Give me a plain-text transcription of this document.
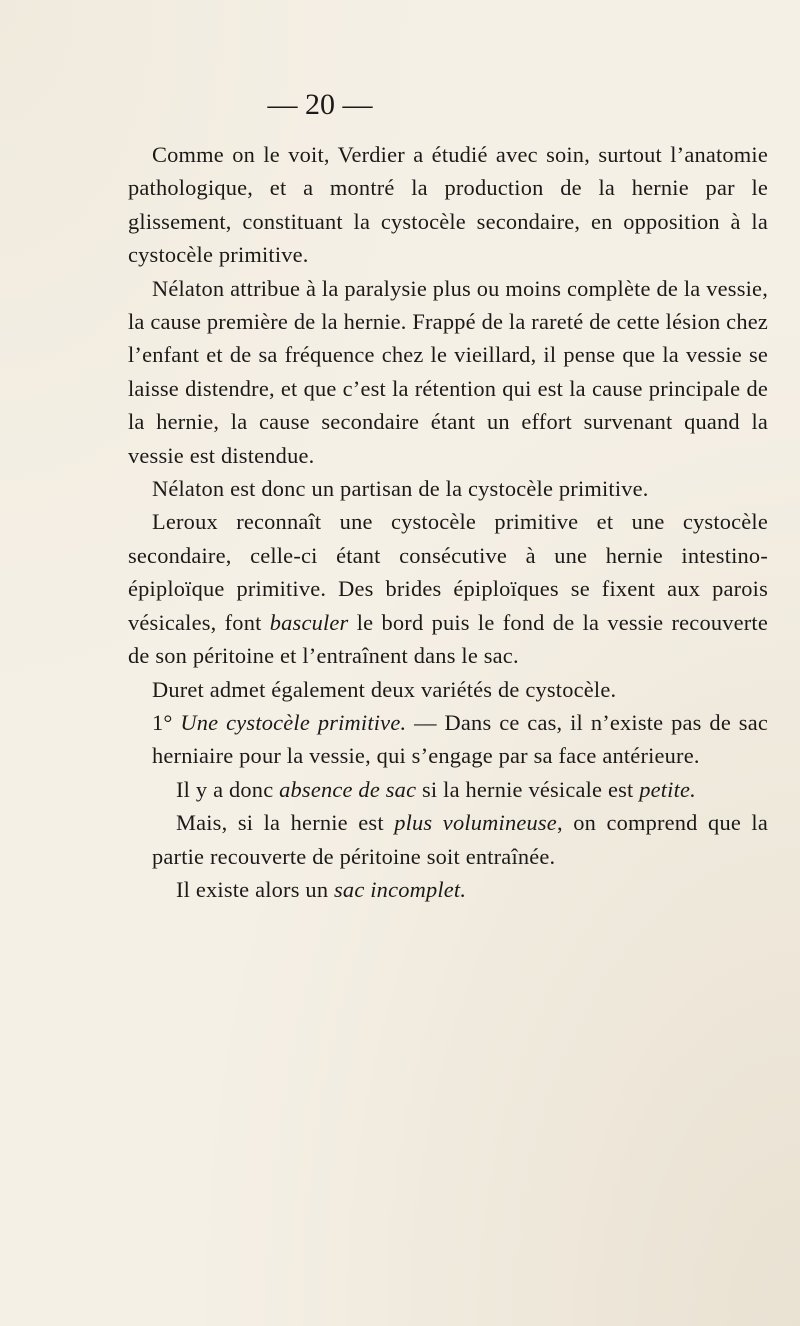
— 20 —

Comme on le voit, Verdier a étudié avec soin, surtout l’anatomie pathologique, et a montré la production de la hernie par le glissement, constituant la cystocèle secondaire, en opposition à la cystocèle primitive.

Nélaton attribue à la paralysie plus ou moins complète de la vessie, la cause première de la hernie. Frappé de la rareté de cette lésion chez l’enfant et de sa fréquence chez le vieillard, il pense que la vessie se laisse distendre, et que c’est la rétention qui est la cause principale de la hernie, la cause secondaire étant un effort survenant quand la vessie est distendue.

Nélaton est donc un partisan de la cystocèle primitive.

Leroux reconnaît une cystocèle primitive et une cystocèle secondaire, celle-ci étant consécutive à une hernie intestino-épiploïque primitive. Des brides épiploïques se fixent aux parois vésicales, font basculer le bord puis le fond de la vessie recouverte de son péritoine et l’entraînent dans le sac.

Duret admet également deux variétés de cystocèle.

1° Une cystocèle primitive. — Dans ce cas, il n’existe pas de sac herniaire pour la vessie, qui s’engage par sa face antérieure.

Il y a donc absence de sac si la hernie vésicale est petite.

Mais, si la hernie est plus volumineuse, on comprend que la partie recouverte de péritoine soit entraînée.

Il existe alors un sac incomplet.
